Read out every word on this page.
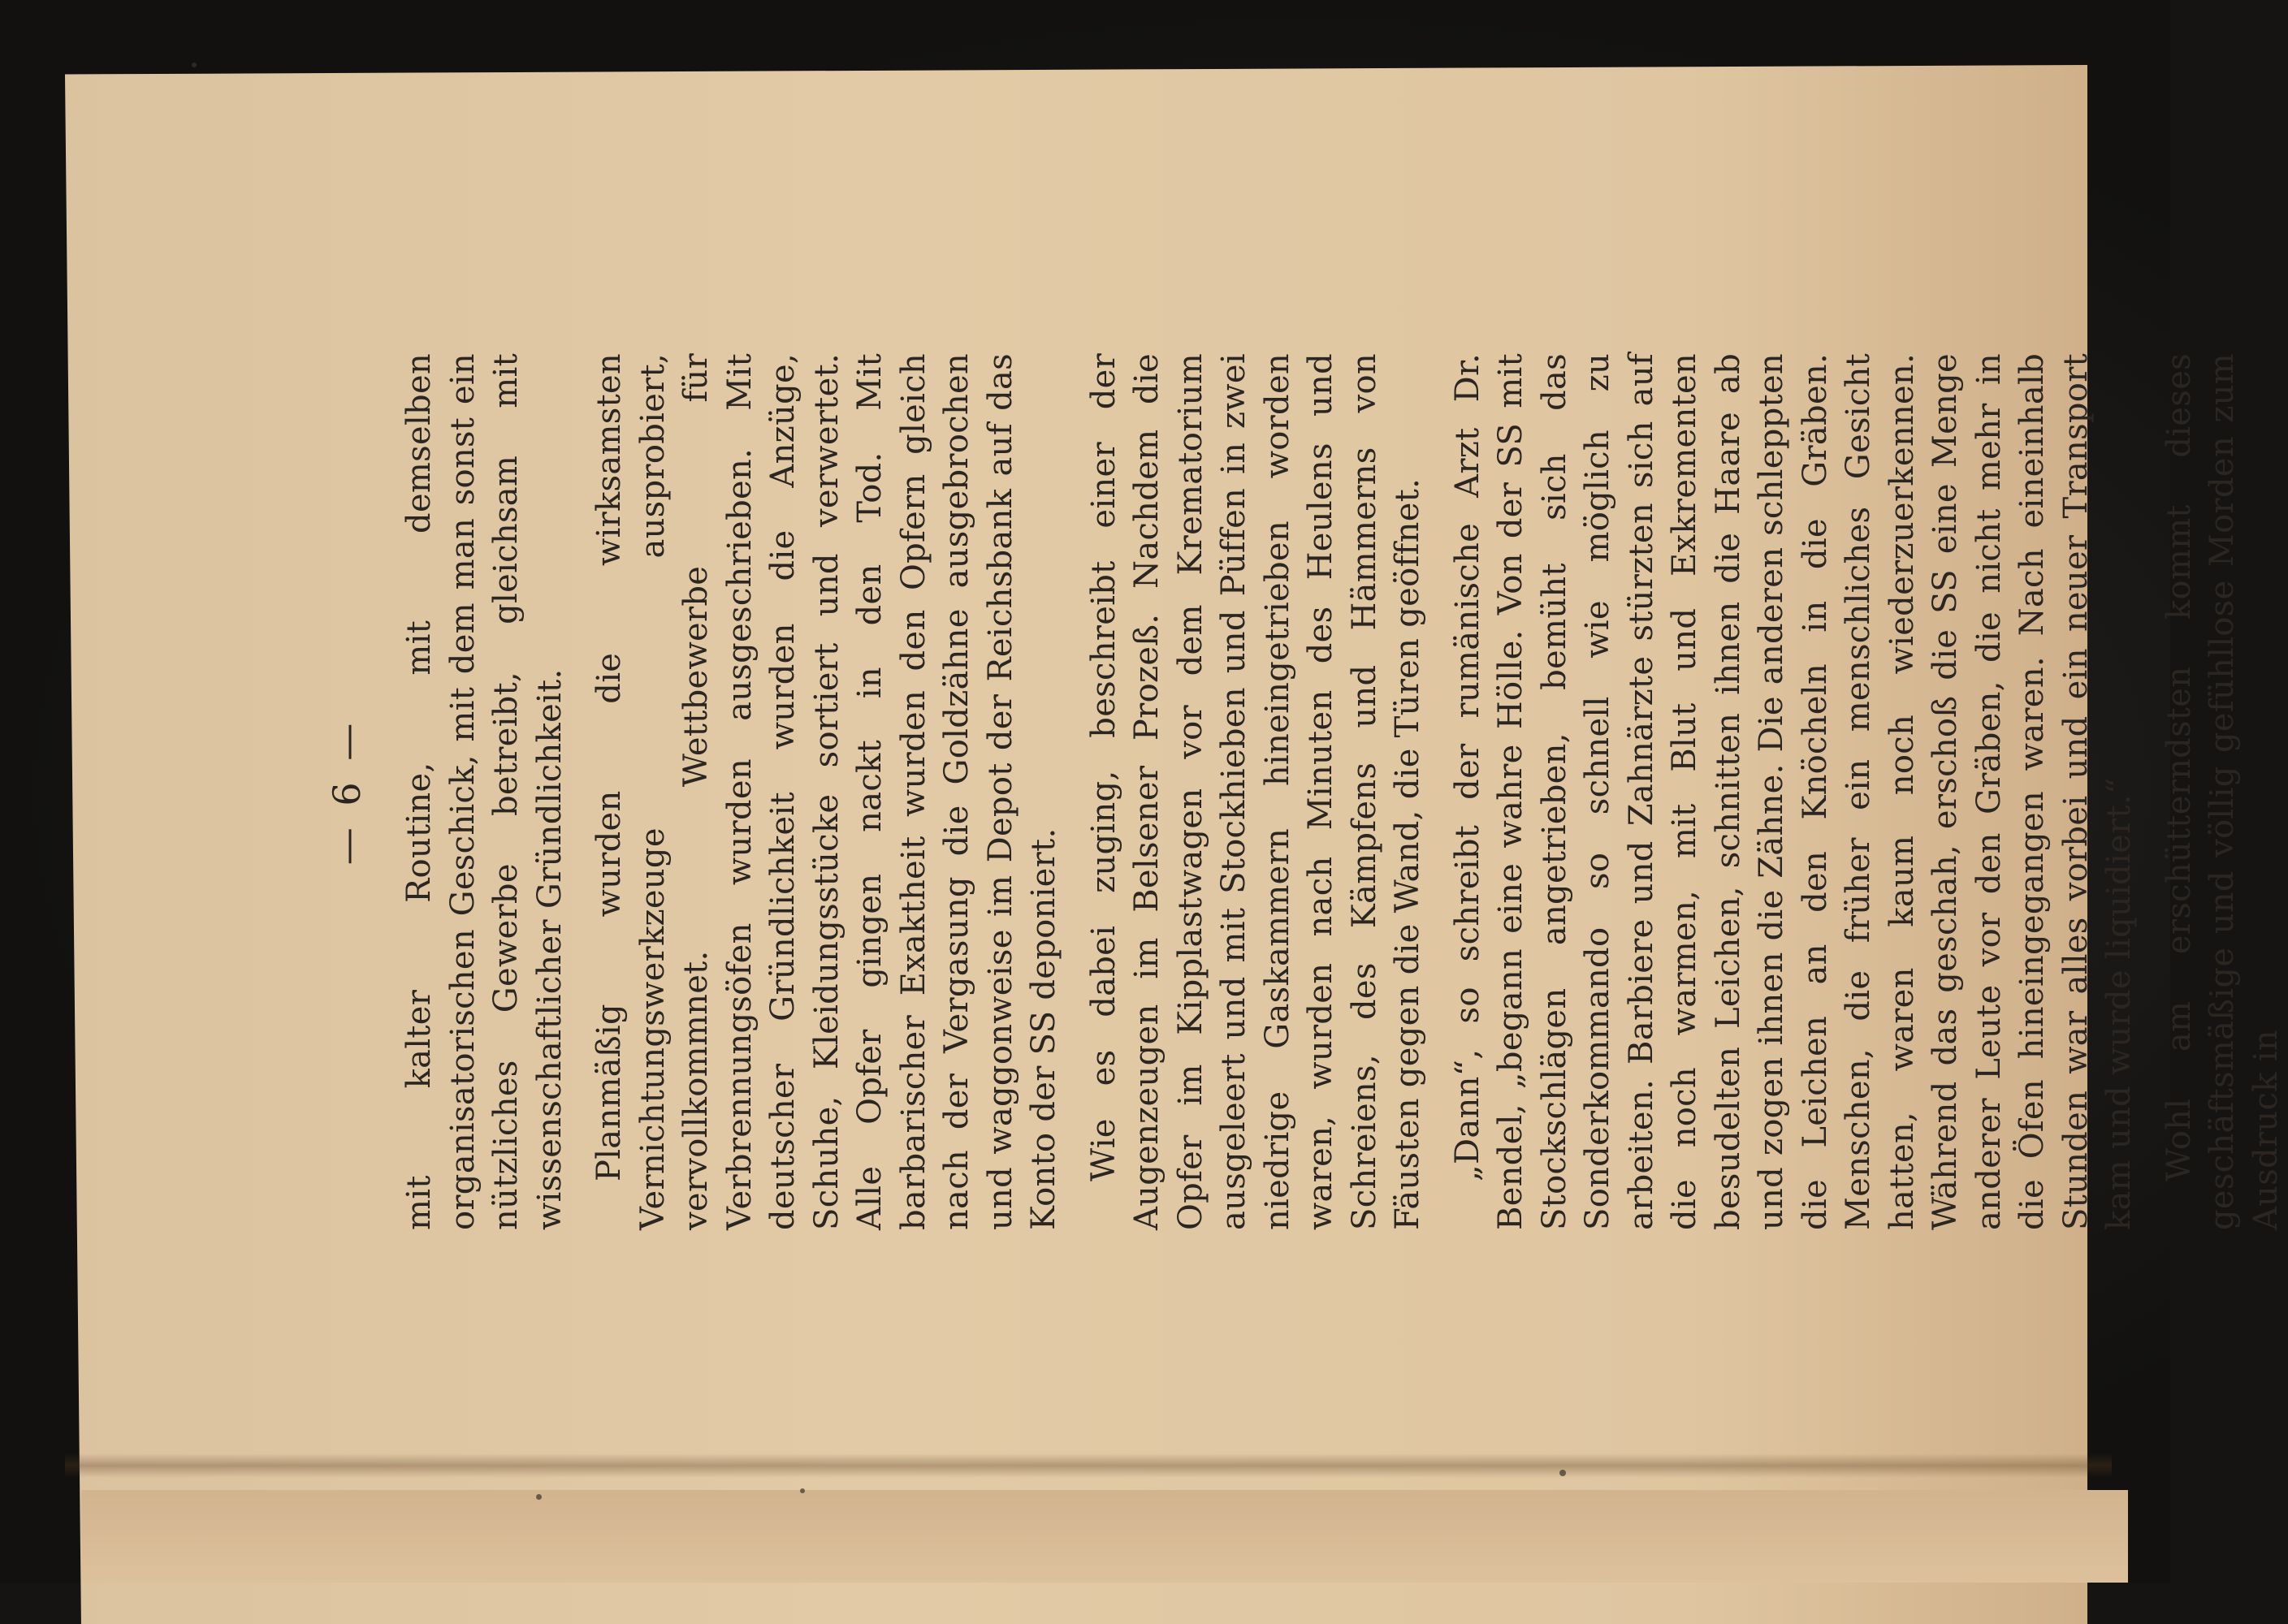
— 6 — mit kalter Routine, mit demselben organisatorischen Geschick, mit dem man sonst ein nützliches Gewerbe betreibt, gleichsam mit wissenschaftlicher Gründlichkeit. Planmäßig wurden die wirksamsten Vernichtungswerkzeuge ausprobiert, vervollkommnet. Wettbewerbe für Verbrennungsöfen wurden ausgeschrieben. Mit deutscher Gründlichkeit wurden die Anzüge, Schuhe, Kleidungsstücke sortiert und verwertet. Alle Opfer gingen nackt in den Tod. Mit barbarischer Exaktheit wurden den Opfern gleich nach der Vergasung die Goldzähne ausgebrochen und waggonweise im Depot der Reichsbank auf das Konto der SS deponiert. Wie es dabei zuging, beschreibt einer der Augenzeugen im Belsener Prozeß. Nachdem die Opfer im Kipplastwagen vor dem Krematorium ausgeleert und mit Stockhieben und Püffen in zwei niedrige Gaskammern hineingetrieben worden waren, wurden nach Minuten des Heulens und Schreiens, des Kämpfens und Hämmerns von Fäusten gegen die Wand, die Türen geöffnet. „Dann“, so schreibt der rumänische Arzt Dr. Bendel, „begann eine wahre Hölle. Von der SS mit Stockschlägen angetrieben, bemüht sich das Sonderkommando so schnell wie möglich zu arbeiten. Barbiere und Zahnärzte stürzten sich auf die noch warmen, mit Blut und Exkrementen besudelten Leichen, schnitten ihnen die Haare ab und zogen ihnen die Zähne. Die anderen schleppten die Leichen an den Knöcheln in die Gräben. Menschen, die früher ein menschliches Gesicht hatten, waren kaum noch wiederzuerkennen. Während das geschah, erschoß die SS eine Menge anderer Leute vor den Gräben, die nicht mehr in die Öfen hineingegangen waren. Nach eineinhalb Stunden war alles vorbei und ein neuer Transport kam und wurde liquidiert.“ Wohl am erschütterndsten kommt dieses geschäftsmäßige und völlig gefühllose Morden zum Ausdruck in
